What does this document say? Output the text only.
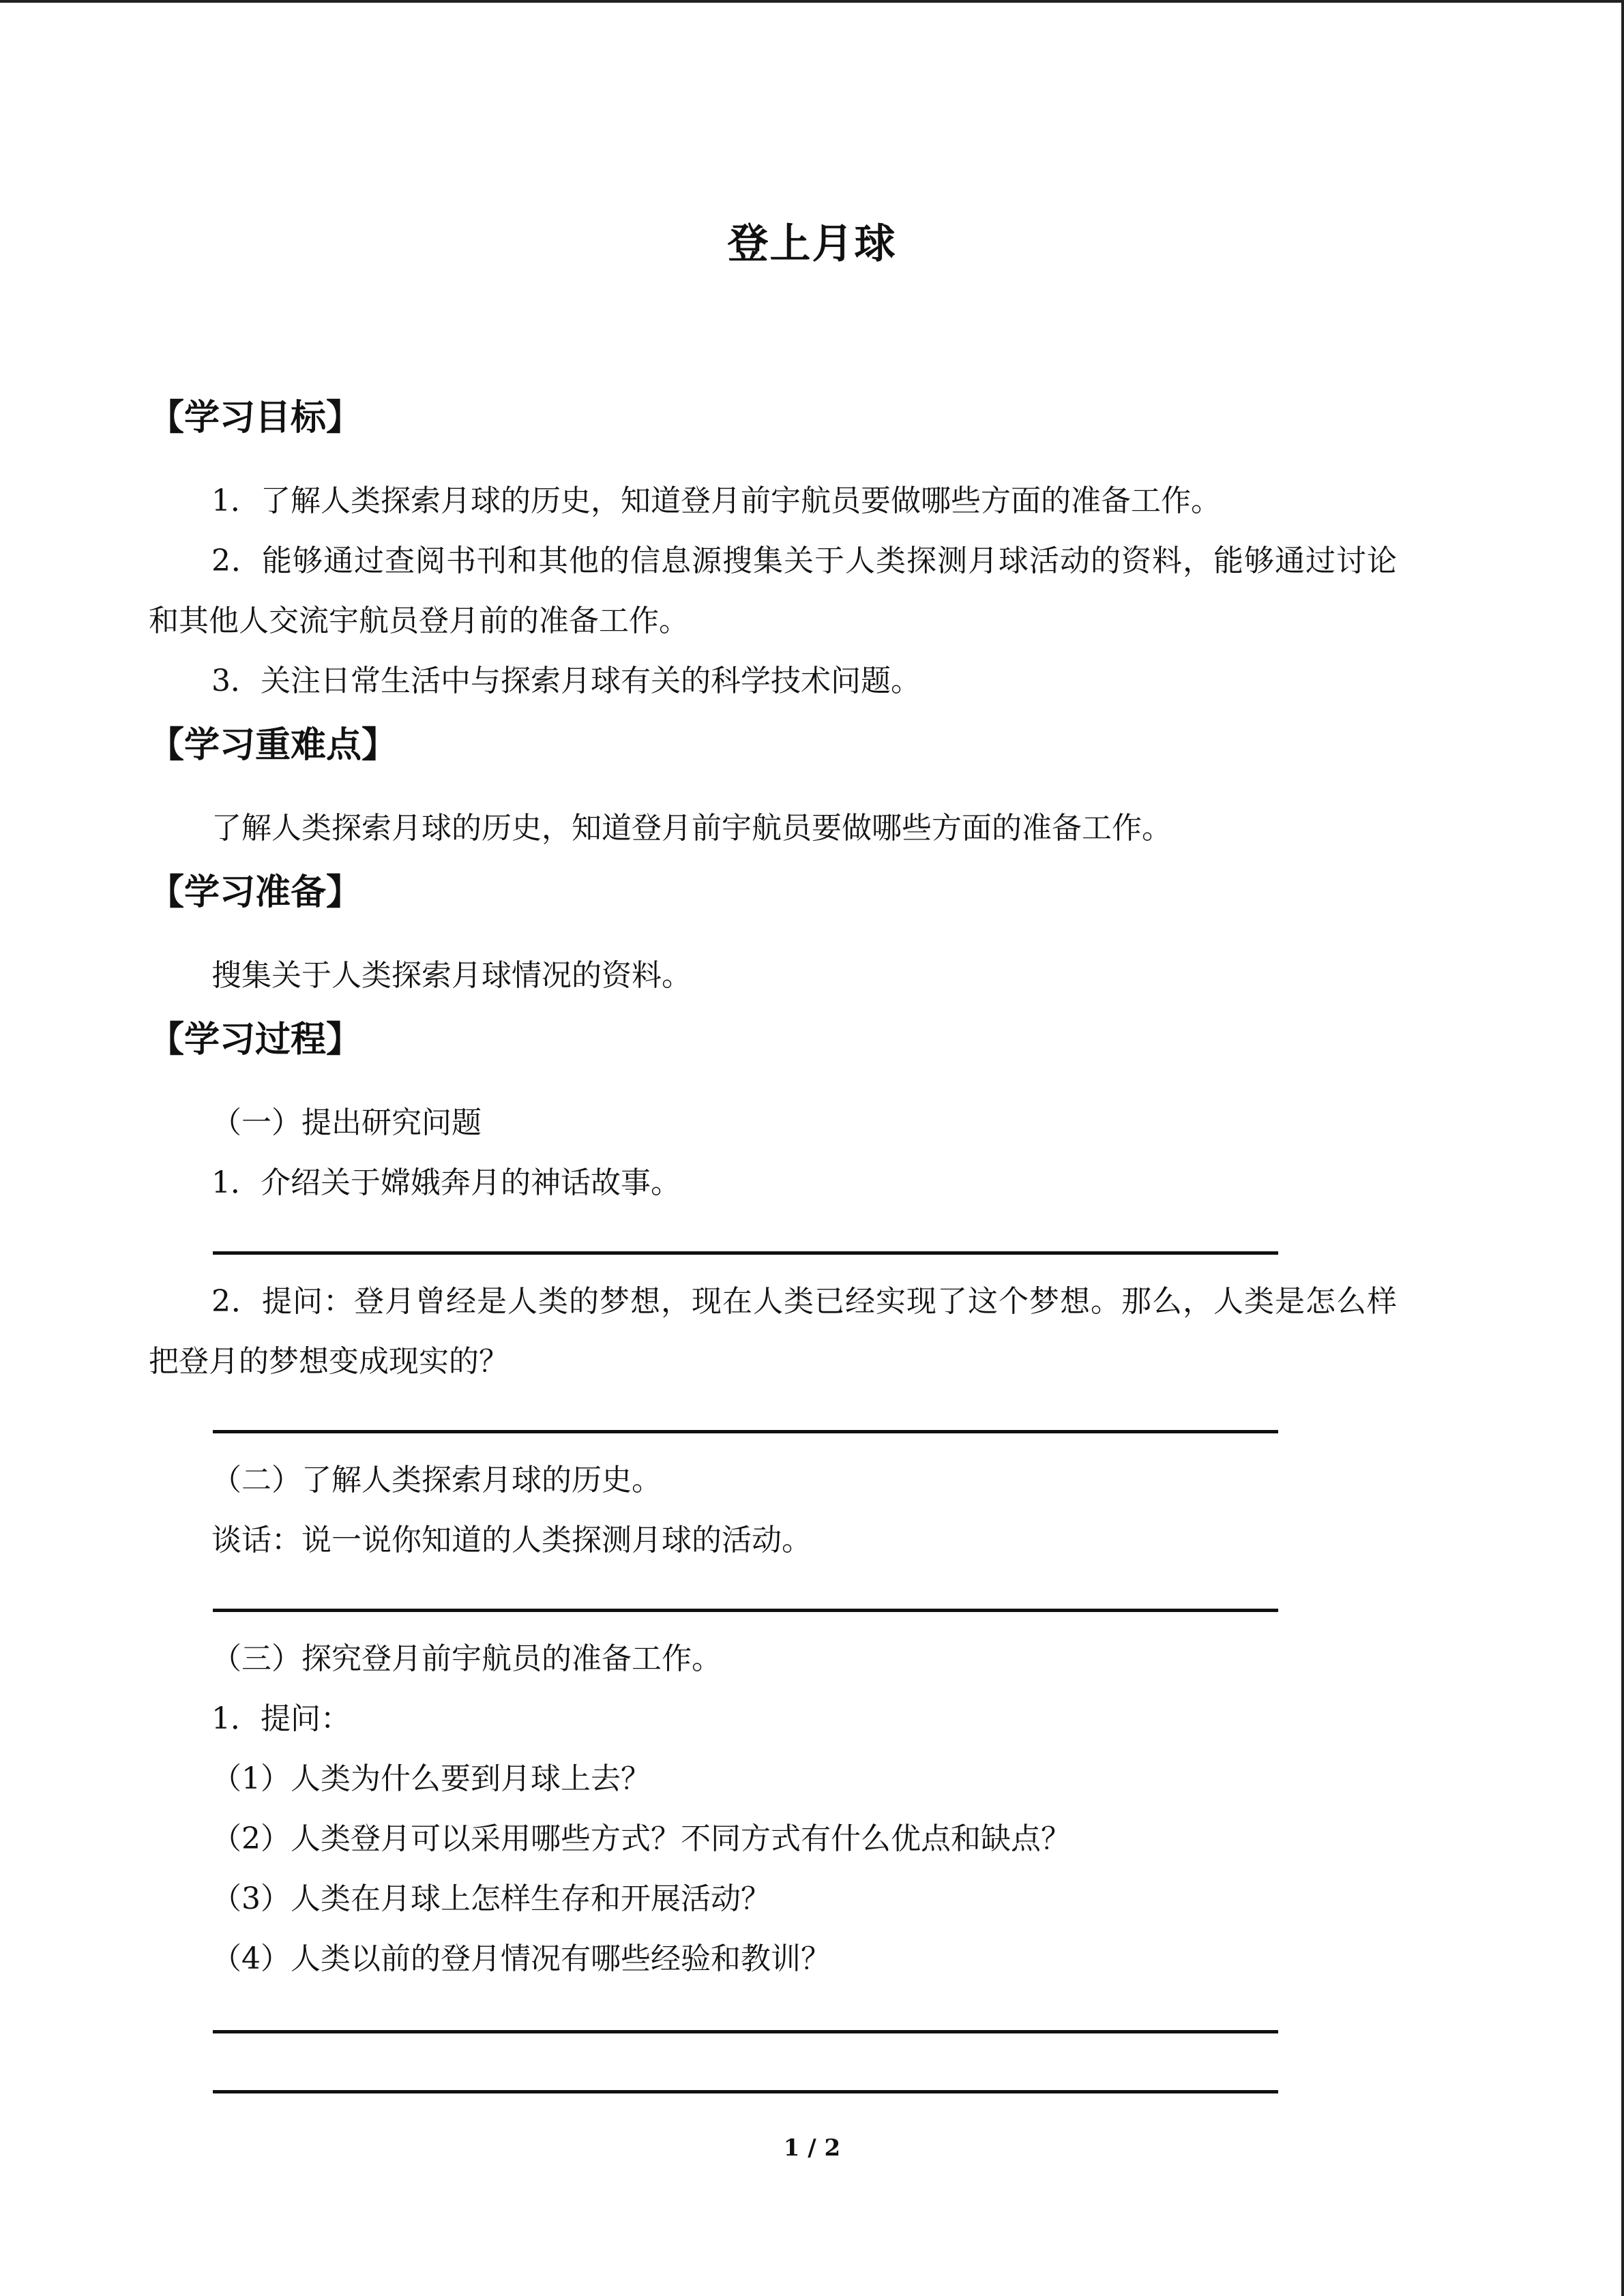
登上月球
【学习目标】
1．了解人类探索月球的历史，知道登月前宇航员要做哪些方面的准备工作。
2．能够通过查阅书刊和其他的信息源搜集关于人类探测月球活动的资料，能够通过讨论
和其他人交流宇航员登月前的准备工作。
3．关注日常生活中与探索月球有关的科学技术问题。
【学习重难点】
了解人类探索月球的历史，知道登月前宇航员要做哪些方面的准备工作。
【学习准备】
搜集关于人类探索月球情况的资料。
【学习过程】
（一）提出研究问题
1．介绍关于嫦娥奔月的神话故事。
2．提问：登月曾经是人类的梦想，现在人类已经实现了这个梦想。那么，人类是怎么样
把登月的梦想变成现实的？
（二）了解人类探索月球的历史。
谈话：说一说你知道的人类探测月球的活动。
（三）探究登月前宇航员的准备工作。
1．提问：
（1）人类为什么要到月球上去？
（2）人类登月可以采用哪些方式？不同方式有什么优点和缺点？
（3）人类在月球上怎样生存和开展活动？
（4）人类以前的登月情况有哪些经验和教训？
1 / 2
